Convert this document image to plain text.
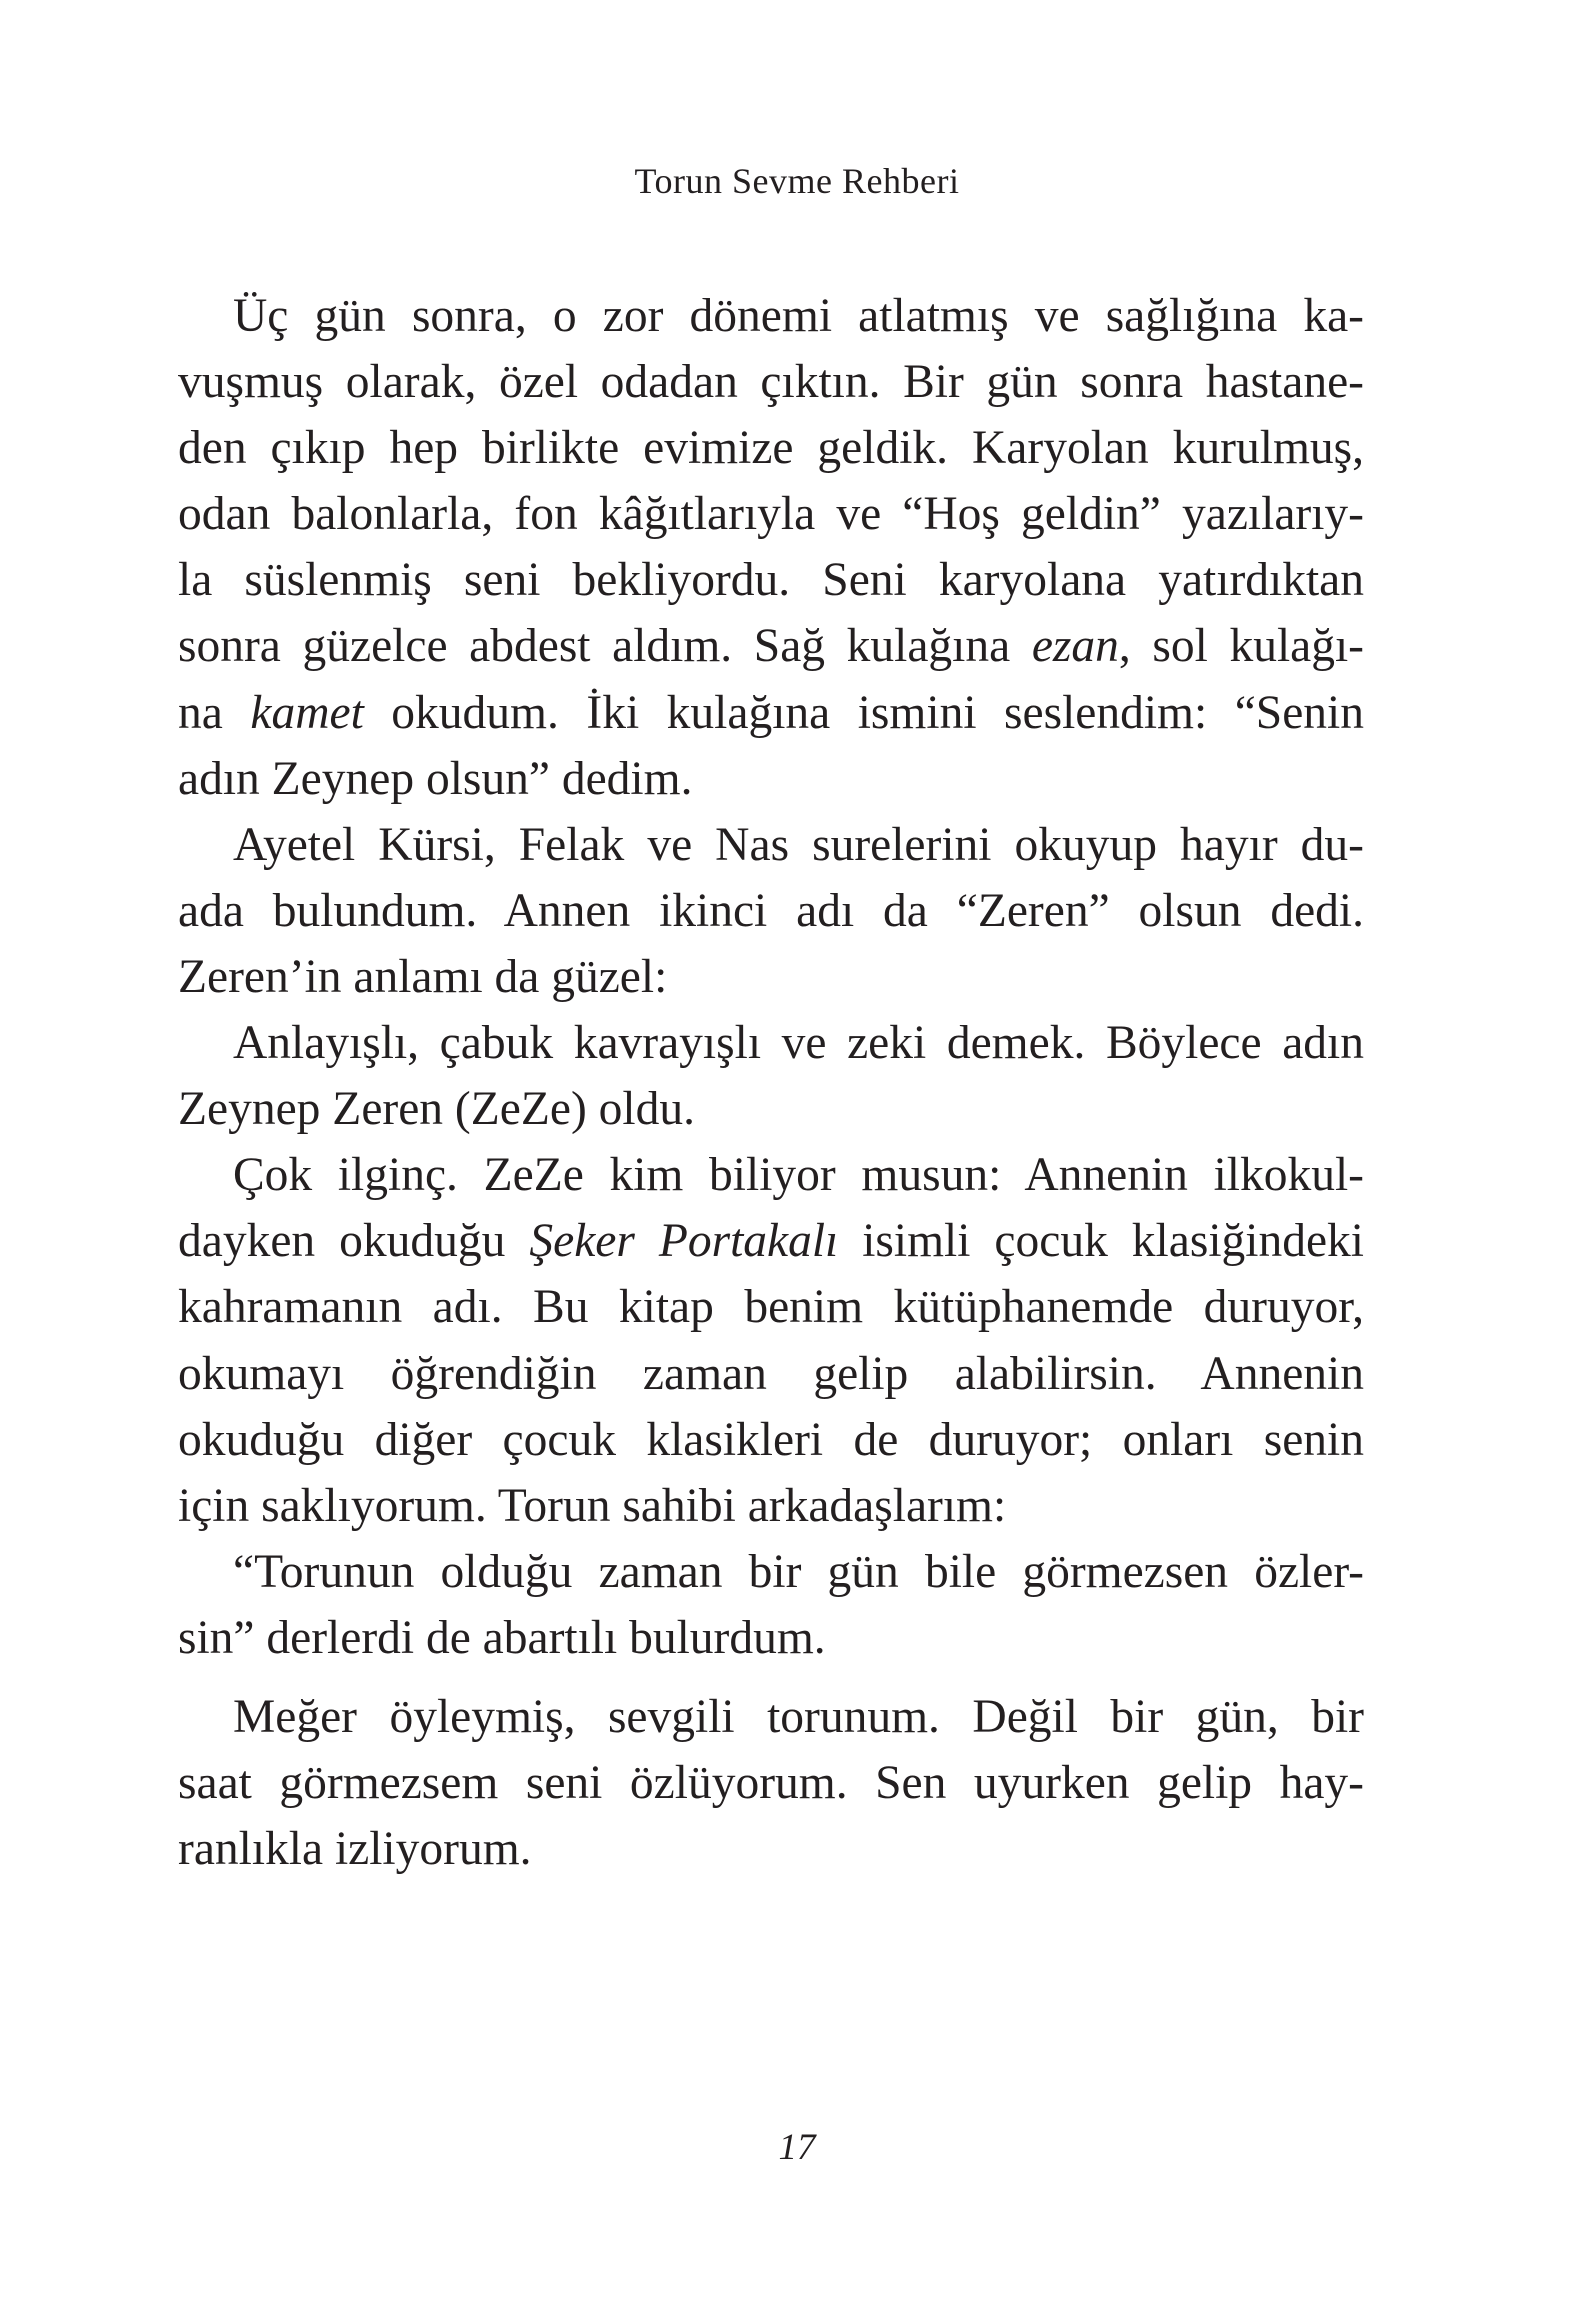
Torun Sevme Rehberi
Üç gün sonra, o zor dönemi atlatmış ve sağlığına ka-
vuşmuş olarak, özel odadan çıktın. Bir gün sonra hastane-
den çıkıp hep birlikte evimize geldik. Karyolan kurulmuş,
odan balonlarla, fon kâğıtlarıyla ve “Hoş geldin” yazılarıy-
la süslenmiş seni bekliyordu. Seni karyolana yatırdıktan
sonra güzelce abdest aldım. Sağ kulağına ezan, sol kulağı-
na kamet okudum. İki kulağına ismini seslendim: “Senin
adın Zeynep olsun” dedim.
Ayetel Kürsi, Felak ve Nas surelerini okuyup hayır du-
ada bulundum. Annen ikinci adı da “Zeren” olsun dedi.
Zeren’in anlamı da güzel:
Anlayışlı, çabuk kavrayışlı ve zeki demek. Böylece adın
Zeynep Zeren (ZeZe) oldu.
Çok ilginç. ZeZe kim biliyor musun: Annenin ilkokul-
dayken okuduğu Şeker Portakalı isimli çocuk klasiğindeki
kahramanın adı. Bu kitap benim kütüphanemde duruyor,
okumayı öğrendiğin zaman gelip alabilirsin. Annenin
okuduğu diğer çocuk klasikleri de duruyor; onları senin
için saklıyorum. Torun sahibi arkadaşlarım:
“Torunun olduğu zaman bir gün bile görmezsen özler-
sin” derlerdi de abartılı bulurdum.
Meğer öyleymiş, sevgili torunum. Değil bir gün, bir
saat görmezsem seni özlüyorum. Sen uyurken gelip hay-
ranlıkla izliyorum.
17
